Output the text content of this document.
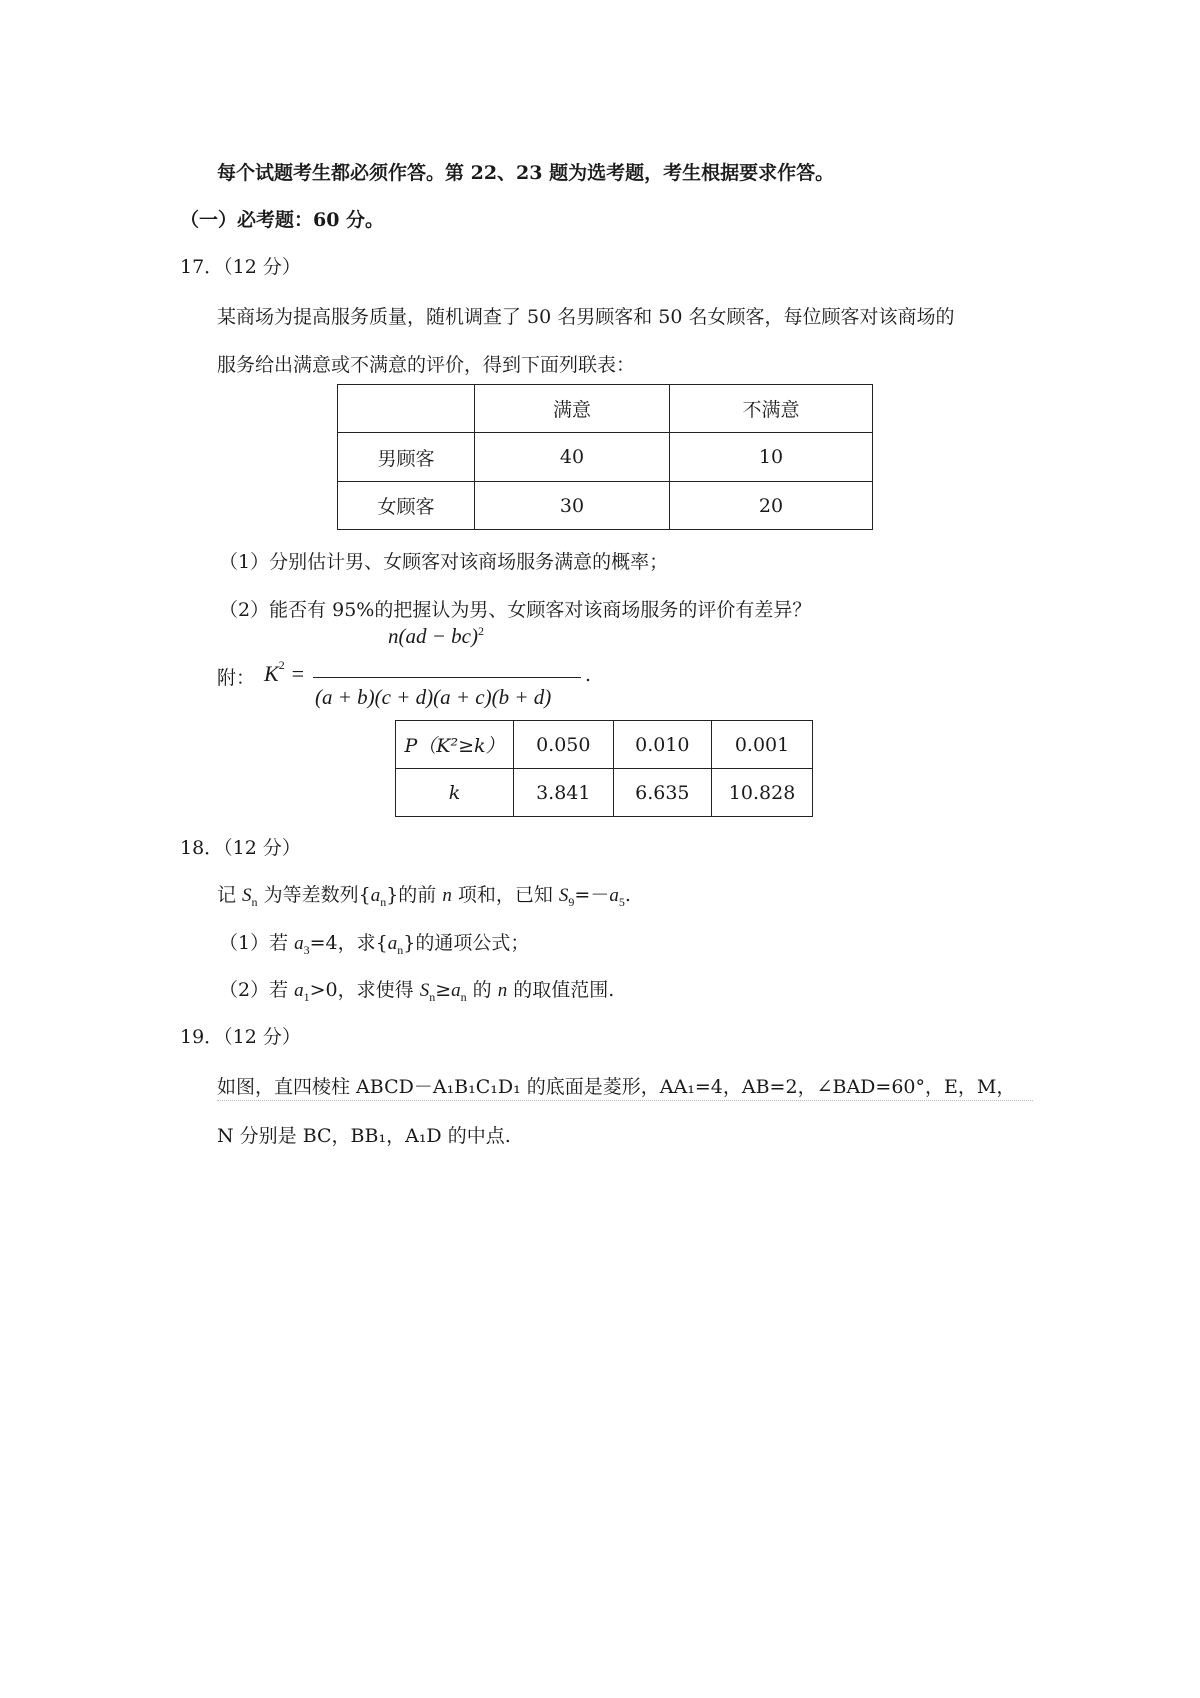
每个试题考生都必须作答。第 22、23 题为选考题，考生根据要求作答。
（一）必考题：60 分。
17．（12 分）
某商场为提高服务质量，随机调查了 50 名男顾客和 50 名女顾客，每位顾客对该商场的
服务给出满意或不满意的评价，得到下面列联表：
	满意	不满意
男顾客	40	10
女顾客	30	20
（1）分别估计男、女顾客对该商场服务满意的概率；
（2）能否有 95%的把握认为男、女顾客对该商场服务的评价有差异？
附： $K^2$ =
n(ad − bc)$^2$
(a + b)(c + d)(a + c)(b + d)
.
P（K²≥k）	0.050	0.010	0.001
k	3.841	6.635	10.828
18．（12 分）
记 $S_n$ 为等差数列$\{a_n\}$的前 n 项和，已知 $S_9=-a_5$.
（1）若 $a_3=4$，求$\{a_n\}$的通项公式；
（2）若 $a_1>0$，求使得 $S_n\ge a_n$ 的 n 的取值范围.
19．（12 分）
如图，直四棱柱 ABCD－A₁B₁C₁D₁ 的底面是菱形，AA₁=4，AB=2，∠BAD=60°，E，M，
N 分别是 BC，BB₁，A₁D 的中点.
